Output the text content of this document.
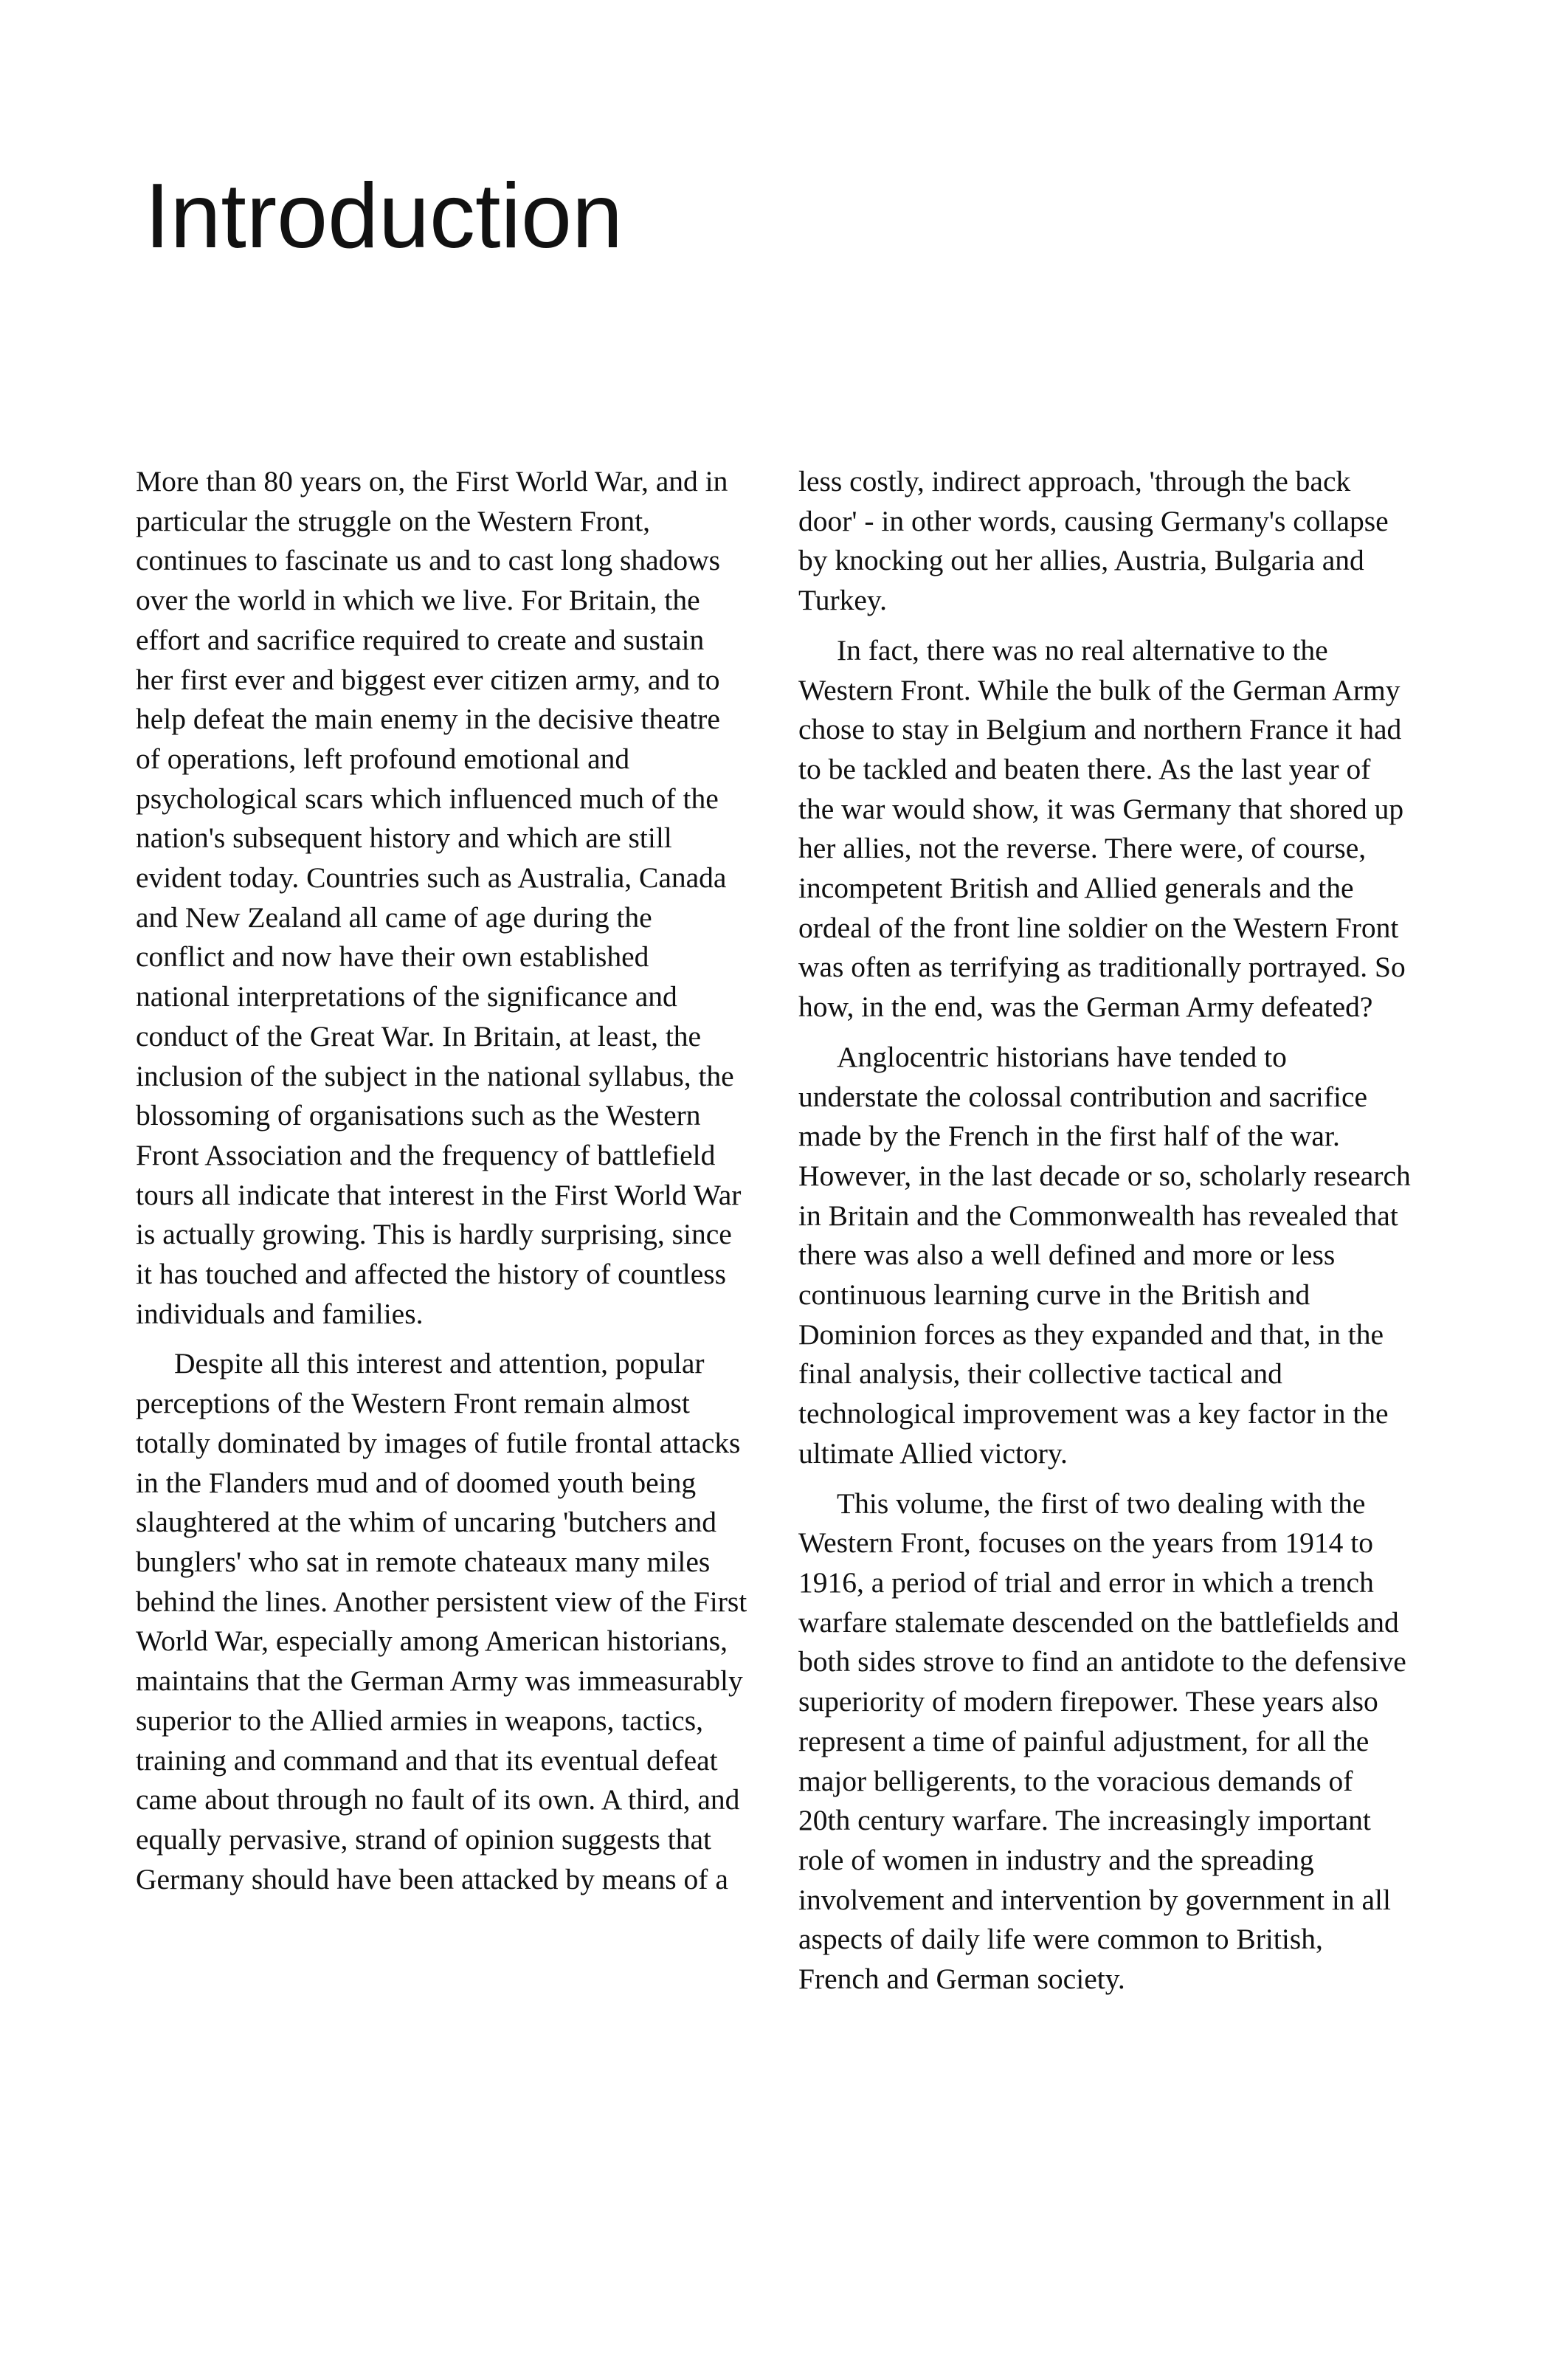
Introduction

More than 80 years on, the First World War, and in particular the struggle on the Western Front, continues to fascinate us and to cast long shadows over the world in which we live. For Britain, the effort and sacrifice required to create and sustain her first ever and biggest ever citizen army, and to help defeat the main enemy in the decisive theatre of operations, left profound emotional and psychological scars which influenced much of the nation's subsequent history and which are still evident today. Countries such as Australia, Canada and New Zealand all came of age during the conflict and now have their own established national interpretations of the significance and conduct of the Great War. In Britain, at least, the inclusion of the subject in the national syllabus, the blossoming of organisations such as the Western Front Association and the frequency of battlefield tours all indicate that interest in the First World War is actually growing. This is hardly surprising, since it has touched and affected the history of countless individuals and families.

Despite all this interest and attention, popular perceptions of the Western Front remain almost totally dominated by images of futile frontal attacks in the Flanders mud and of doomed youth being slaughtered at the whim of uncaring 'butchers and bunglers' who sat in remote chateaux many miles behind the lines. Another persistent view of the First World War, especially among American historians, maintains that the German Army was immeasurably superior to the Allied armies in weapons, tactics, training and command and that its eventual defeat came about through no fault of its own. A third, and equally pervasive, strand of opinion suggests that Germany should have been attacked by means of a

less costly, indirect approach, 'through the back door' - in other words, causing Germany's collapse by knocking out her allies, Austria, Bulgaria and Turkey.

In fact, there was no real alternative to the Western Front. While the bulk of the German Army chose to stay in Belgium and northern France it had to be tackled and beaten there. As the last year of the war would show, it was Germany that shored up her allies, not the reverse. There were, of course, incompetent British and Allied generals and the ordeal of the front line soldier on the Western Front was often as terrifying as traditionally portrayed. So how, in the end, was the German Army defeated?

Anglocentric historians have tended to understate the colossal contribution and sacrifice made by the French in the first half of the war. However, in the last decade or so, scholarly research in Britain and the Commonwealth has revealed that there was also a well defined and more or less continuous learning curve in the British and Dominion forces as they expanded and that, in the final analysis, their collective tactical and technological improvement was a key factor in the ultimate Allied victory.

This volume, the first of two dealing with the Western Front, focuses on the years from 1914 to 1916, a period of trial and error in which a trench warfare stalemate descended on the battlefields and both sides strove to find an antidote to the defensive superiority of modern firepower. These years also represent a time of painful adjustment, for all the major belligerents, to the voracious demands of 20th century warfare. The increasingly important role of women in industry and the spreading involvement and intervention by government in all aspects of daily life were common to British, French and German society.
